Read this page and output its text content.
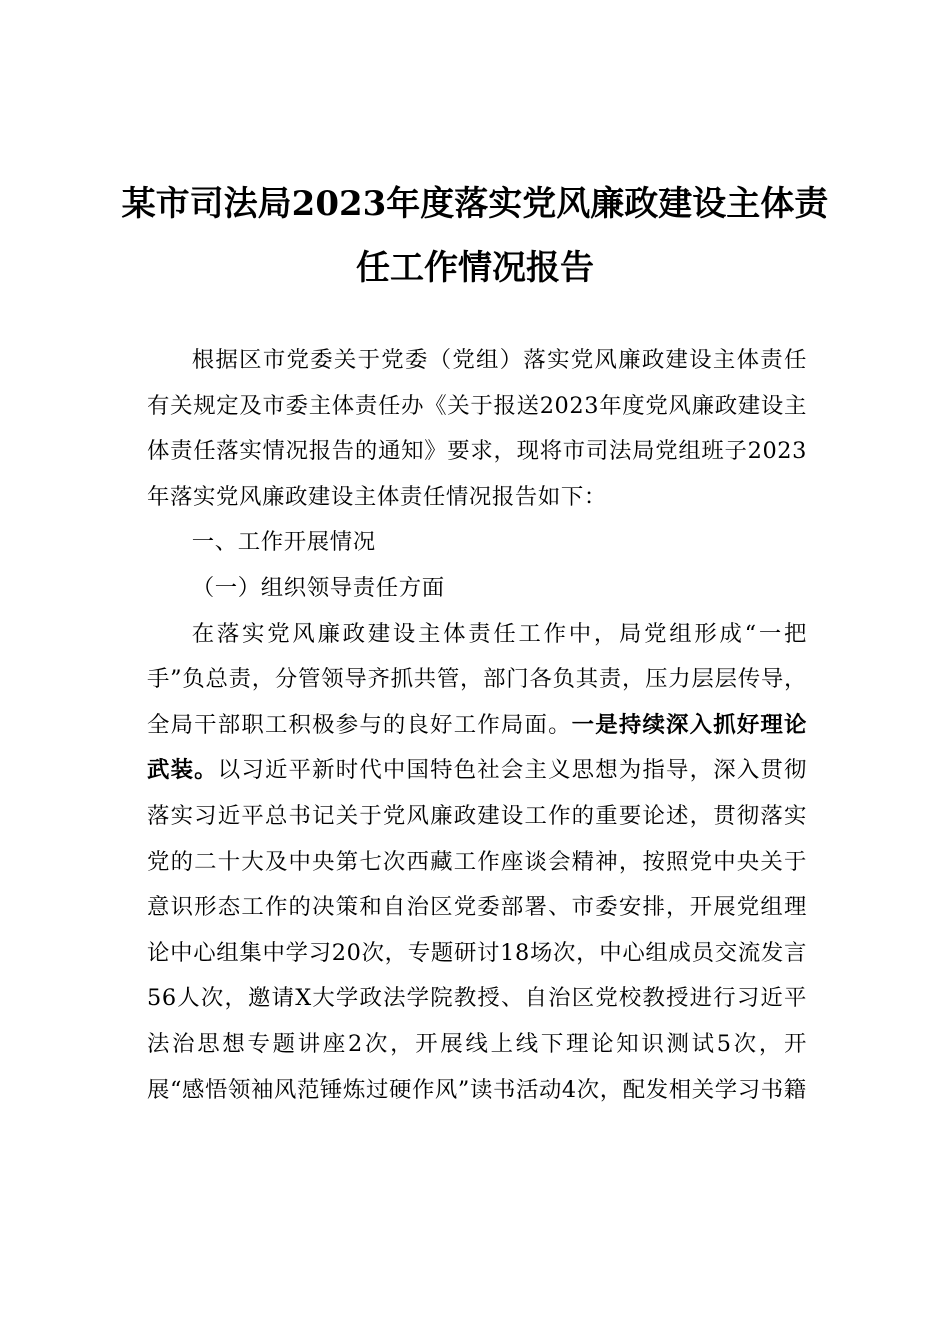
某市司法局2023年度落实党风廉政建设主体责任工作情况报告

根据区市党委关于党委（党组）落实党风廉政建设主体责任有关规定及市委主体责任办《关于报送2023年度党风廉政建设主体责任落实情况报告的通知》要求，现将市司法局党组班子2023年落实党风廉政建设主体责任情况报告如下：

一、工作开展情况

（一）组织领导责任方面

在落实党风廉政建设主体责任工作中，局党组形成“一把手”负总责，分管领导齐抓共管，部门各负其责，压力层层传导，全局干部职工积极参与的良好工作局面。一是持续深入抓好理论武装。以习近平新时代中国特色社会主义思想为指导，深入贯彻落实习近平总书记关于党风廉政建设工作的重要论述，贯彻落实党的二十大及中央第七次西藏工作座谈会精神，按照党中央关于意识形态工作的决策和自治区党委部署、市委安排，开展党组理论中心组集中学习20次，专题研讨18场次，中心组成员交流发言56人次，邀请X大学政法学院教授、自治区党校教授进行习近平法治思想专题讲座2次，开展线上线下理论知识测试5次，开展“感悟领袖风范锤炼过硬作风”读书活动4次，配发相关学习书籍
